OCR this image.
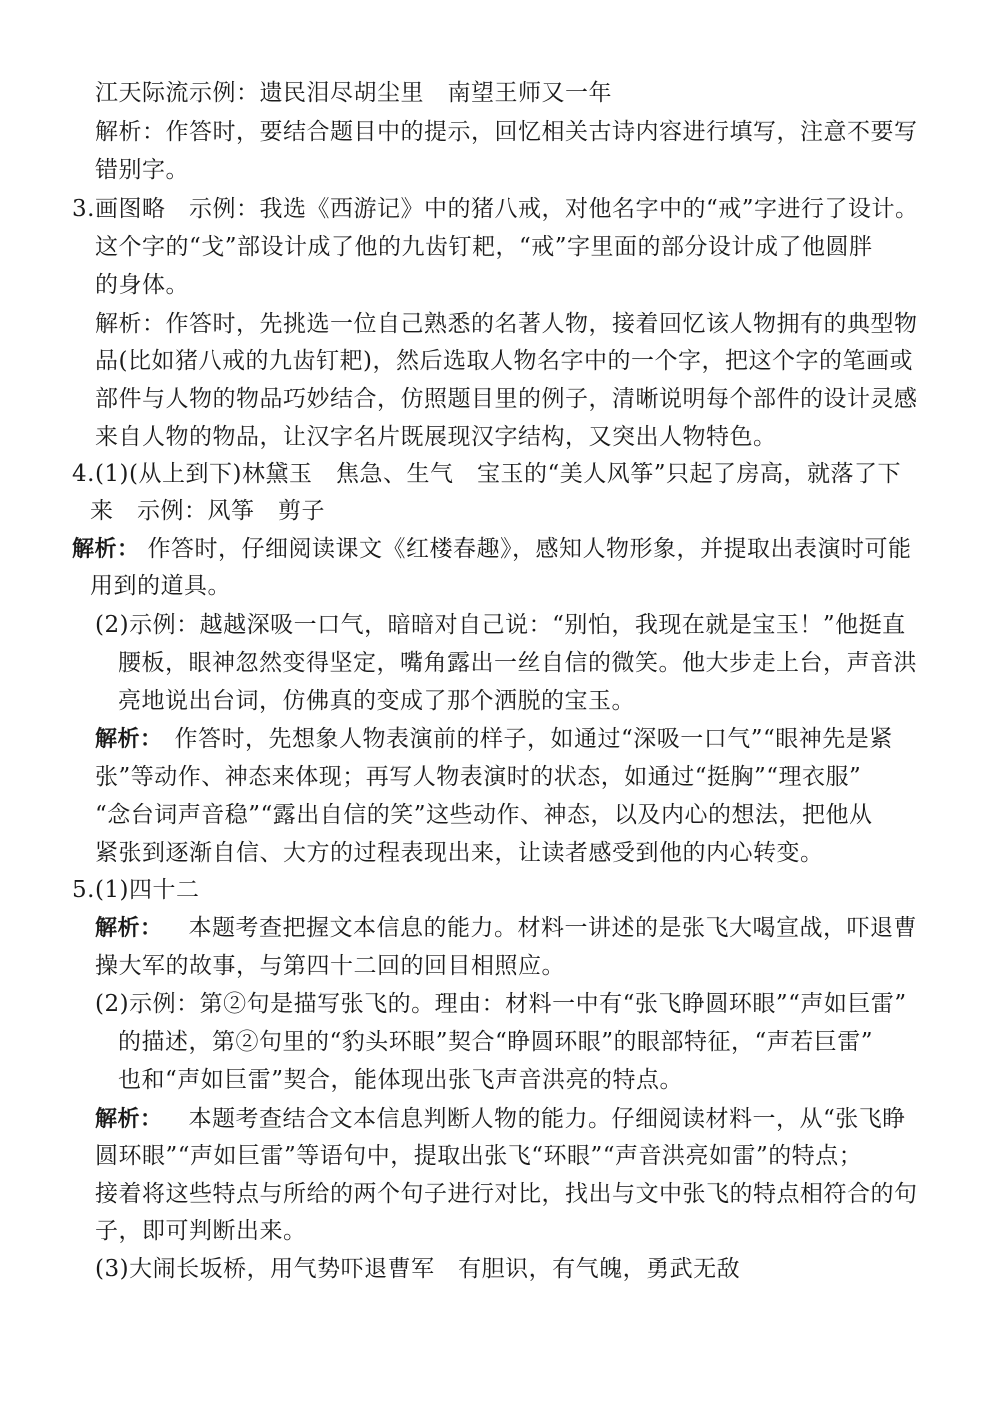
江天际流示例：遗民泪尽胡尘里　南望王师又一年
解析：作答时，要结合题目中的提示，回忆相关古诗内容进行填写，注意不要写
错别字。
3.画图略　示例：我选《西游记》中的猪八戒，对他名字中的“戒”字进行了设计。
这个字的“戈”部设计成了他的九齿钉耙，“戒”字里面的部分设计成了他圆胖
的身体。
解析：作答时，先挑选一位自己熟悉的名著人物，接着回忆该人物拥有的典型物
品(比如猪八戒的九齿钉耙)，然后选取人物名字中的一个字，把这个字的笔画或
部件与人物的物品巧妙结合，仿照题目里的例子，清晰说明每个部件的设计灵感
来自人物的物品，让汉字名片既展现汉字结构，又突出人物特色。
4.(1)(从上到下)林黛玉　焦急、生气　宝玉的“美人风筝”只起了房高，就落了下
来　示例：风筝　剪子
解析： 作答时，仔细阅读课文《红楼春趣》，感知人物形象，并提取出表演时可能
用到的道具。
(2)示例：越越深吸一口气，暗暗对自己说：“别怕，我现在就是宝玉！”他挺直
腰板，眼神忽然变得坚定，嘴角露出一丝自信的微笑。他大步走上台，声音洪
亮地说出台词，仿佛真的变成了那个洒脱的宝玉。
解析： 作答时，先想象人物表演前的样子，如通过“深吸一口气”“眼神先是紧
张”等动作、神态来体现；再写人物表演时的状态，如通过“挺胸”“理衣服”
“念台词声音稳”“露出自信的笑”这些动作、神态，以及内心的想法，把他从
紧张到逐渐自信、大方的过程表现出来，让读者感受到他的内心转变。
5.(1)四十二
解析： 本题考查把握文本信息的能力。材料一讲述的是张飞大喝宣战，吓退曹
操大军的故事，与第四十二回的回目相照应。
(2)示例：第②句是描写张飞的。理由：材料一中有“张飞睁圆环眼”“声如巨雷”
的描述，第②句里的“豹头环眼”契合“睁圆环眼”的眼部特征，“声若巨雷”
也和“声如巨雷”契合，能体现出张飞声音洪亮的特点。
解析： 本题考查结合文本信息判断人物的能力。仔细阅读材料一，从“张飞睁
圆环眼”“声如巨雷”等语句中，提取出张飞“环眼”“声音洪亮如雷”的特点；
接着将这些特点与所给的两个句子进行对比，找出与文中张飞的特点相符合的句
子，即可判断出来。
(3)大闹长坂桥，用气势吓退曹军　有胆识，有气魄，勇武无敌
